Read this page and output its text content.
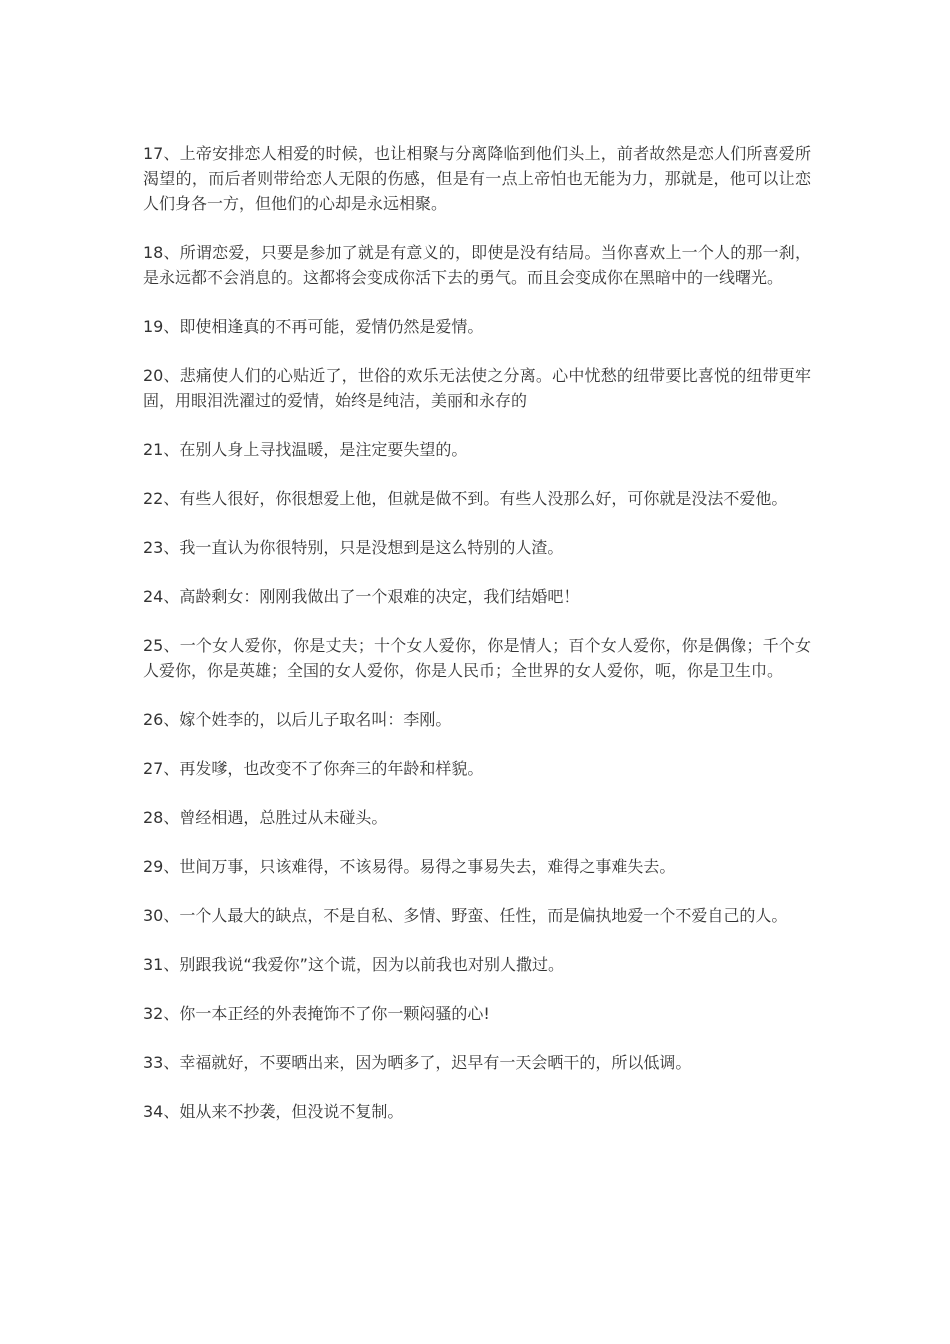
17、上帝安排恋人相爱的时候，也让相聚与分离降临到他们头上，前者故然是恋人们所喜爱所渴望的，而后者则带给恋人无限的伤感，但是有一点上帝怕也无能为力，那就是，他可以让恋人们身各一方，但他们的心却是永远相聚。

18、所谓恋爱，只要是参加了就是有意义的，即使是没有结局。当你喜欢上一个人的那一刹，是永远都不会消息的。这都将会变成你活下去的勇气。而且会变成你在黑暗中的一线曙光。

19、即使相逢真的不再可能，爱情仍然是爱情。

20、悲痛使人们的心贴近了，世俗的欢乐无法使之分离。心中忧愁的纽带要比喜悦的纽带更牢固，用眼泪洗濯过的爱情，始终是纯洁，美丽和永存的

21、在别人身上寻找温暖，是注定要失望的。

22、有些人很好，你很想爱上他，但就是做不到。有些人没那么好，可你就是没法不爱他。

23、我一直认为你很特别，只是没想到是这么特别的人渣。

24、高龄剩女：刚刚我做出了一个艰难的决定，我们结婚吧！

25、一个女人爱你，你是丈夫；十个女人爱你，你是情人；百个女人爱你，你是偶像；千个女人爱你，你是英雄；全国的女人爱你，你是人民币；全世界的女人爱你，呃，你是卫生巾。

26、嫁个姓李的，以后儿子取名叫：李刚。

27、再发嗲，也改变不了你奔三的年龄和样貌。

28、曾经相遇，总胜过从未碰头。

29、世间万事，只该难得，不该易得。易得之事易失去，难得之事难失去。

30、一个人最大的缺点，不是自私、多情、野蛮、任性，而是偏执地爱一个不爱自己的人。

31、别跟我说“我爱你”这个谎，因为以前我也对别人撒过。

32、你一本正经的外表掩饰不了你一颗闷骚的心!

33、幸福就好，不要晒出来，因为晒多了，迟早有一天会晒干的，所以低调。

34、姐从来不抄袭，但没说不复制。
